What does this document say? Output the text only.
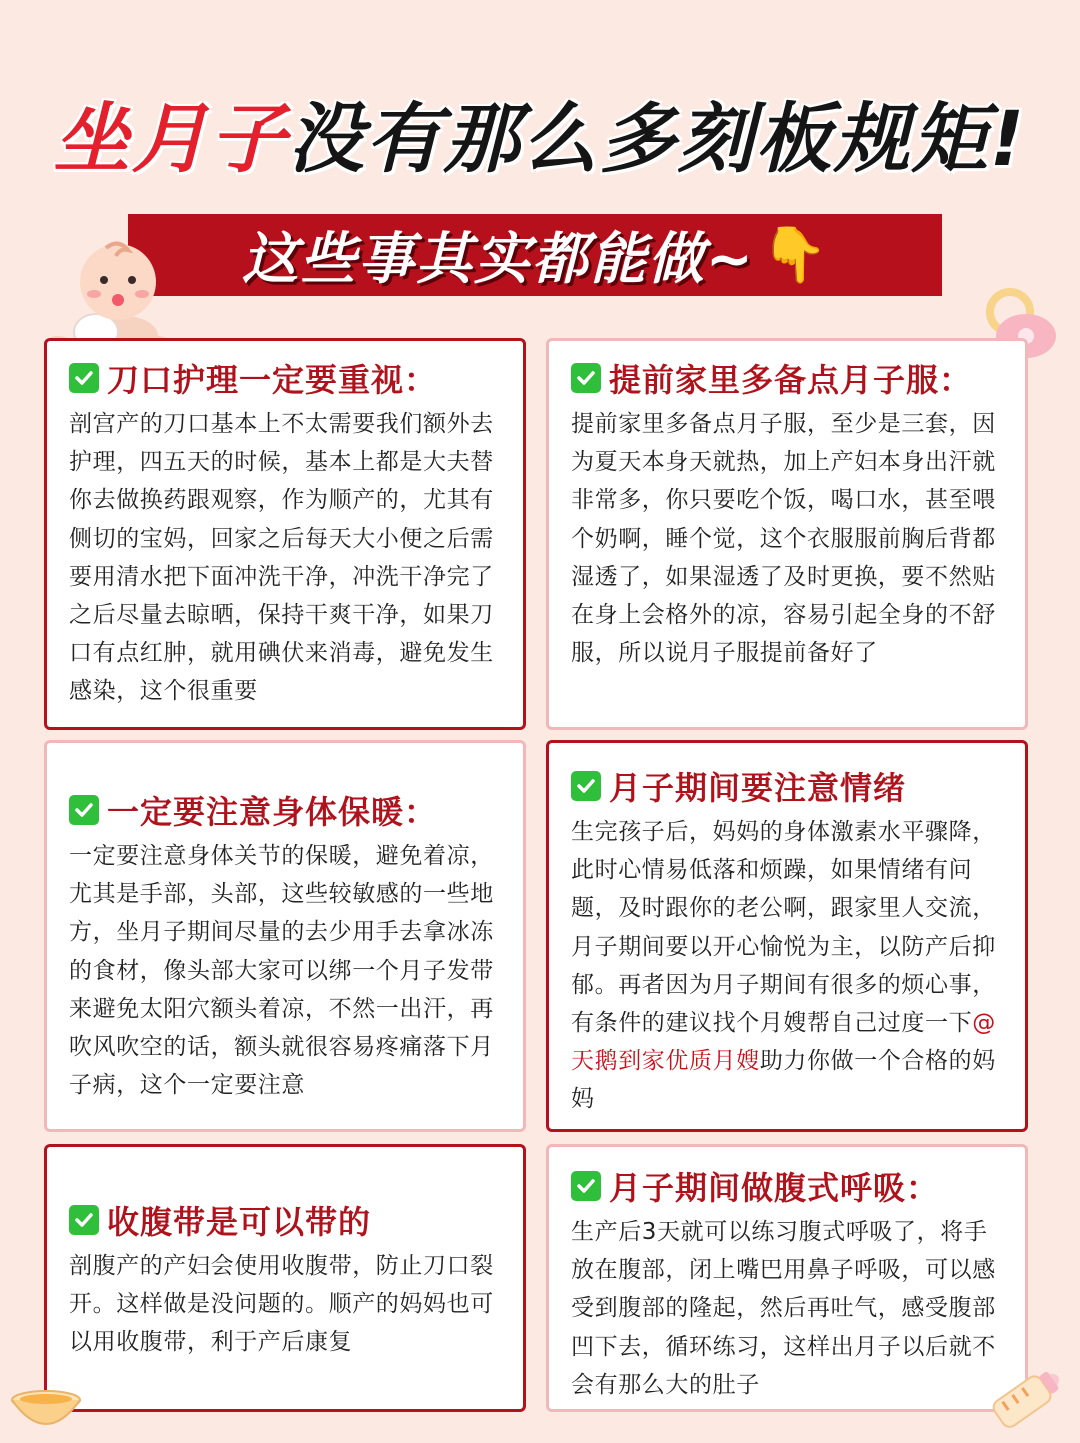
坐月子没有那么多刻板规矩!
这些事其实都能做~ 👇
刀口护理一定要重视：
剖宫产的刀口基本上不太需要我们额外去护理，四五天的时候，基本上都是大夫替你去做换药跟观察，作为顺产的，尤其有侧切的宝妈，回家之后每天大小便之后需要用清水把下面冲洗干净，冲洗干净完了之后尽量去晾晒，保持干爽干净，如果刀口有点红肿，就用碘伏来消毒，避免发生感染，这个很重要
提前家里多备点月子服：
提前家里多备点月子服，至少是三套，因为夏天本身天就热，加上产妇本身出汗就非常多，你只要吃个饭，喝口水，甚至喂个奶啊，睡个觉，这个衣服服前胸后背都湿透了，如果湿透了及时更换，要不然贴在身上会格外的凉，容易引起全身的不舒服，所以说月子服提前备好了
一定要注意身体保暖：
一定要注意身体关节的保暖，避免着凉，尤其是手部，头部，这些较敏感的一些地方，坐月子期间尽量的去少用手去拿冰冻的食材，像头部大家可以绑一个月子发带来避免太阳穴额头着凉，不然一出汗，再吹风吹空的话，额头就很容易疼痛落下月子病，这个一定要注意
月子期间要注意情绪
生完孩子后，妈妈的身体激素水平骤降，此时心情易低落和烦躁，如果情绪有问题，及时跟你的老公啊，跟家里人交流，月子期间要以开心愉悦为主，以防产后抑郁。再者因为月子期间有很多的烦心事，有条件的建议找个月嫂帮自己过度一下@天鹅到家优质月嫂助力你做一个合格的妈妈
收腹带是可以带的
剖腹产的产妇会使用收腹带，防止刀口裂开。这样做是没问题的。顺产的妈妈也可以用收腹带，利于产后康复
月子期间做腹式呼吸：
生产后3天就可以练习腹式呼吸了，将手放在腹部，闭上嘴巴用鼻子呼吸，可以感受到腹部的隆起，然后再吐气，感受腹部凹下去，循环练习，这样出月子以后就不会有那么大的肚子
